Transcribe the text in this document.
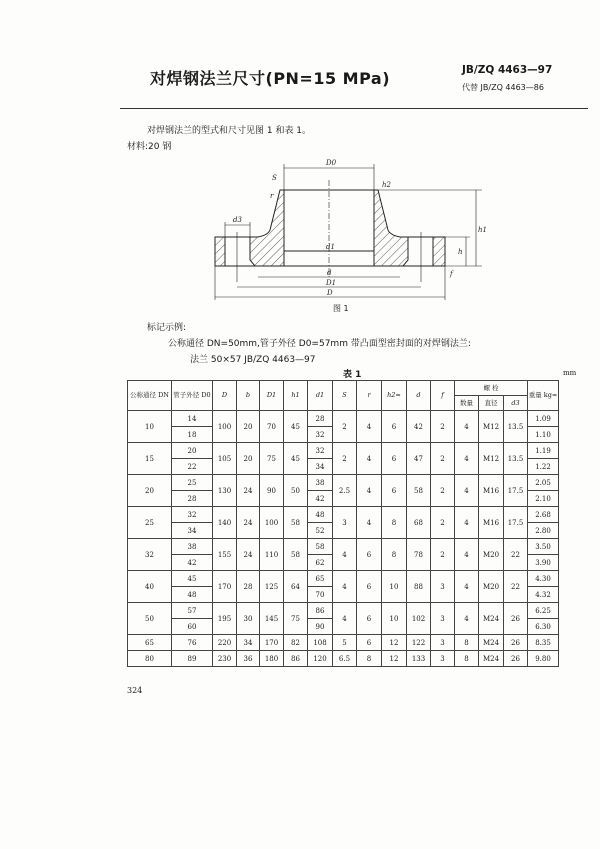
对焊钢法兰尺寸(PN=15 MPa)	JB/ZQ 4463—97
代替 JB/ZQ 4463—86
对焊钢法兰的型式和尺寸见图 1 和表 1。
材料:20 钢
D0
S
h2
r
h1
d3
d1
h
f
d
D1
D
图 1
标记示例:
公称通径 DN=50mm,管子外径 D0=57mm 带凸面型密封面的对焊钢法兰:
法兰 50×57 JB/ZQ 4463—97
表 1	mm
公称通径 DN	管子外径 D0	D	b	D1	h1	d1	S	r	h2≈	d	f	螺 栓			重量 kg≈
												数量	直径	d3	
10	14	100	20	70	45	28	2	4	6	42	2	4	M12	13.5	1.09
	18					32									1.10
15	20	105	20	75	45	32	2	4	6	47	2	4	M12	13.5	1.19
	22					34									1.22
20	25	130	24	90	50	38	2.5	4	6	58	2	4	M16	17.5	2.05
	28					42									2.10
25	32	140	24	100	58	48	3	4	8	68	2	4	M16	17.5	2.68
	34					52									2.80
32	38	155	24	110	58	58	4	6	8	78	2	4	M20	22	3.50
	42					62									3.90
40	45	170	28	125	64	65	4	6	10	88	3	4	M20	22	4.30
	48					70									4.32
50	57	195	30	145	75	86	4	6	10	102	3	4	M24	26	6.25
	60					90									6.30
65	76	220	34	170	82	108	5	6	12	122	3	8	M24	26	8.35
80	89	230	36	180	86	120	6.5	8	12	133	3	8	M24	26	9.80
324
